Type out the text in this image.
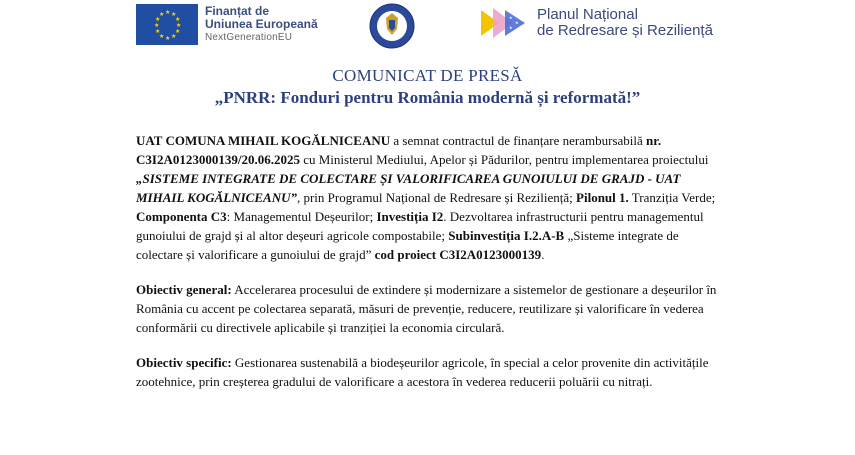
★ ★
★
★
★
★
★
★
★
★
★
★	Finanțat de
Uniunea Europeană
NextGenerationEU
★
★
★
Planul Național
de Redresare și Reziliență
COMUNICAT DE PRESĂ
„PNRR: Fonduri pentru România modernă și reformată!”

UAT COMUNA MIHAIL KOGĂLNICEANU a semnat contractul de finanțare nerambursabilă nr. C3I2A0123000139/20.06.2025 cu Ministerul Mediului, Apelor și Pădurilor, pentru implementarea proiectului „SISTEME INTEGRATE DE COLECTARE ȘI VALORIFICAREA GUNOIULUI DE GRAJD - UAT MIHAIL KOGĂLNICEANU”, prin Programul Național de Redresare și Reziliență; Pilonul 1. Tranziția Verde; Componenta C3: Managementul Deșeurilor; Investiția I2. Dezvoltarea infrastructurii pentru managementul gunoiului de grajd și al altor deșeuri agricole compostabile; Subinvestiția I.2.A-B „Sisteme integrate de colectare și valorificare a gunoiului de grajd” cod proiect C3I2A0123000139.

Obiectiv general: Accelerarea procesului de extindere și modernizare a sistemelor de gestionare a deșeurilor în România cu accent pe colectarea separată, măsuri de prevenție, reducere, reutilizare și valorificare în vederea conformării cu directivele aplicabile și tranziției la economia circulară.

Obiectiv specific: Gestionarea sustenabilă a biodeșeurilor agricole, în special a celor provenite din activitățile zootehnice, prin creșterea gradului de valorificare a acestora în vederea reducerii poluării cu nitrați.
